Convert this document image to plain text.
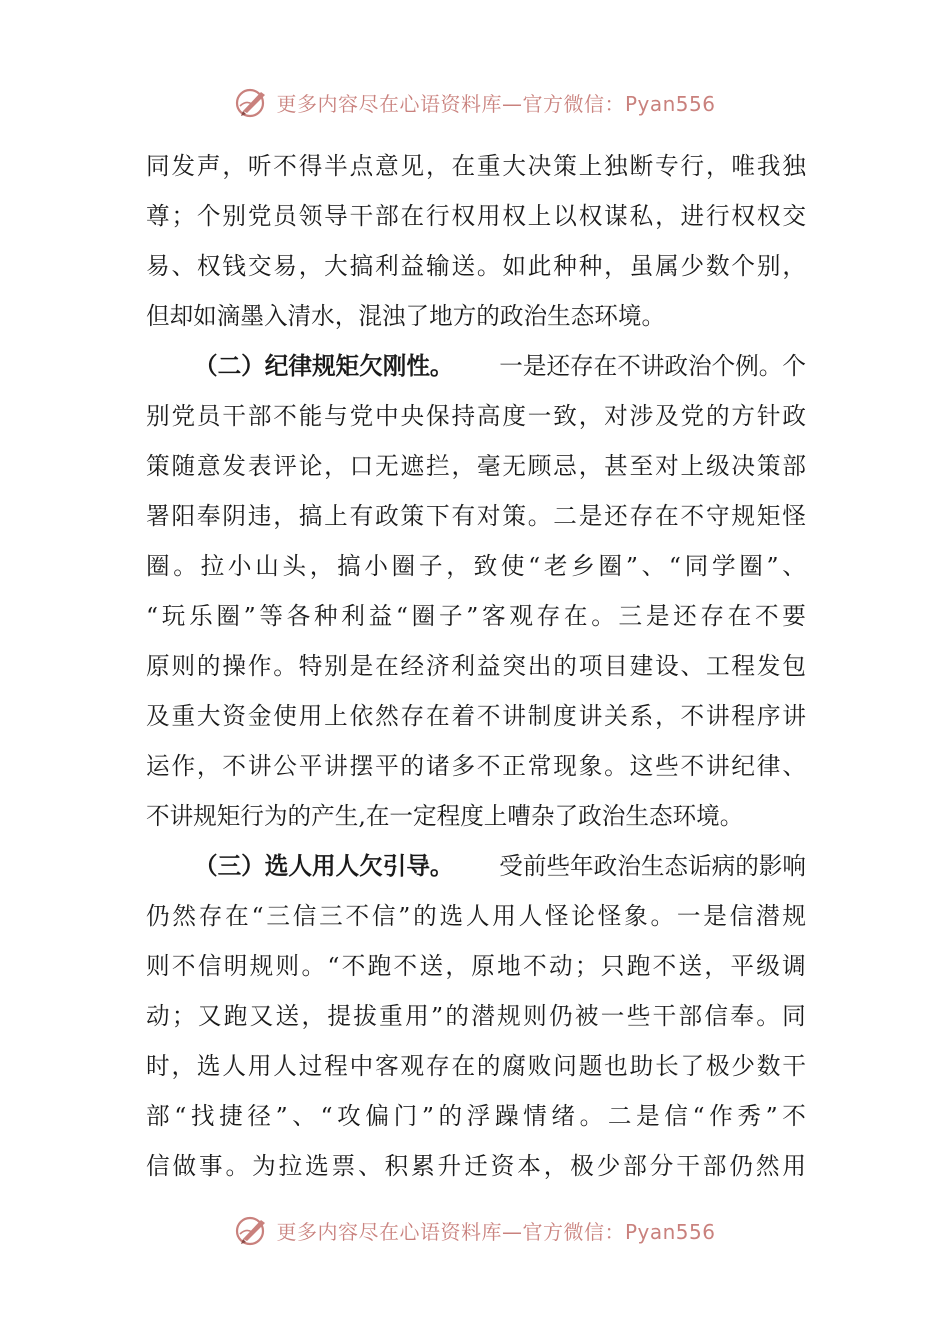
更多内容尽在心语资料库—官方微信：Pyan556
同 发 声 ， 听 不 得 半 点 意 见 ， 在 重 大 决 策 上 独 断 专 行 ， 唯 我 独
尊 ； 个 别 党 员 领 导 干 部 在 行 权 用 权 上 以 权 谋 私 ， 进 行 权 权 交
易 、 权 钱 交 易 ， 大 搞 利 益 输 送 。 如 此 种 种 ， 虽 属 少 数 个 别 ，
但却如滴墨入清水，混浊了地方的政治生态环境。
（二）纪律规矩欠刚性。 一是还存在不讲政治个例。个
别 党 员 干 部 不 能 与 党 中 央 保 持 高 度 一 致 ， 对 涉 及 党 的 方 针 政
策 随 意 发 表 评 论 ， 口 无 遮 拦 ， 毫 无 顾 忌 ， 甚 至 对 上 级 决 策 部
署 阳 奉 阴 违 ， 搞 上 有 政 策 下 有 对 策 。 二 是 还 存 在 不 守 规 矩 怪
圈 。 拉 小 山 头 ， 搞 小 圈 子 ， 致 使 “ 老 乡 圈 ” 、 “ 同 学 圈 ” 、
“ 玩 乐 圈 ” 等 各 种 利 益 “ 圈 子 ” 客 观 存 在 。 三 是 还 存 在 不 要
原 则 的 操 作 。 特 别 是 在 经 济 利 益 突 出 的 项 目 建 设 、 工 程 发 包
及 重 大 资 金 使 用 上 依 然 存 在 着 不 讲 制 度 讲 关 系 ， 不 讲 程 序 讲
运 作 ， 不 讲 公 平 讲 摆 平 的 诸 多 不 正 常 现 象 。 这 些 不 讲 纪 律 、
不讲规矩行为的产生,在一定程度上嘈杂了政治生态环境。
（三）选人用人欠引导。 受前些年政治生态诟病的影响
仍 然 存 在 “ 三 信 三 不 信 ” 的 选 人 用 人 怪 论 怪 象 。 一 是 信 潜 规
则 不 信 明 规 则 。 “ 不 跑 不 送 ， 原 地 不 动 ； 只 跑 不 送 ， 平 级 调
动 ； 又 跑 又 送 ， 提 拔 重 用 ” 的 潜 规 则 仍 被 一 些 干 部 信 奉 。 同
时 ， 选 人 用 人 过 程 中 客 观 存 在 的 腐 败 问 题 也 助 长 了 极 少 数 干
部 “ 找 捷 径 ” 、 “ 攻 偏 门 ” 的 浮 躁 情 绪 。 二 是 信 “ 作 秀 ” 不
信 做 事 。 为 拉 选 票 、 积 累 升 迁 资 本 ， 极 少 部 分 干 部 仍 然 用
更多内容尽在心语资料库—官方微信：Pyan556
